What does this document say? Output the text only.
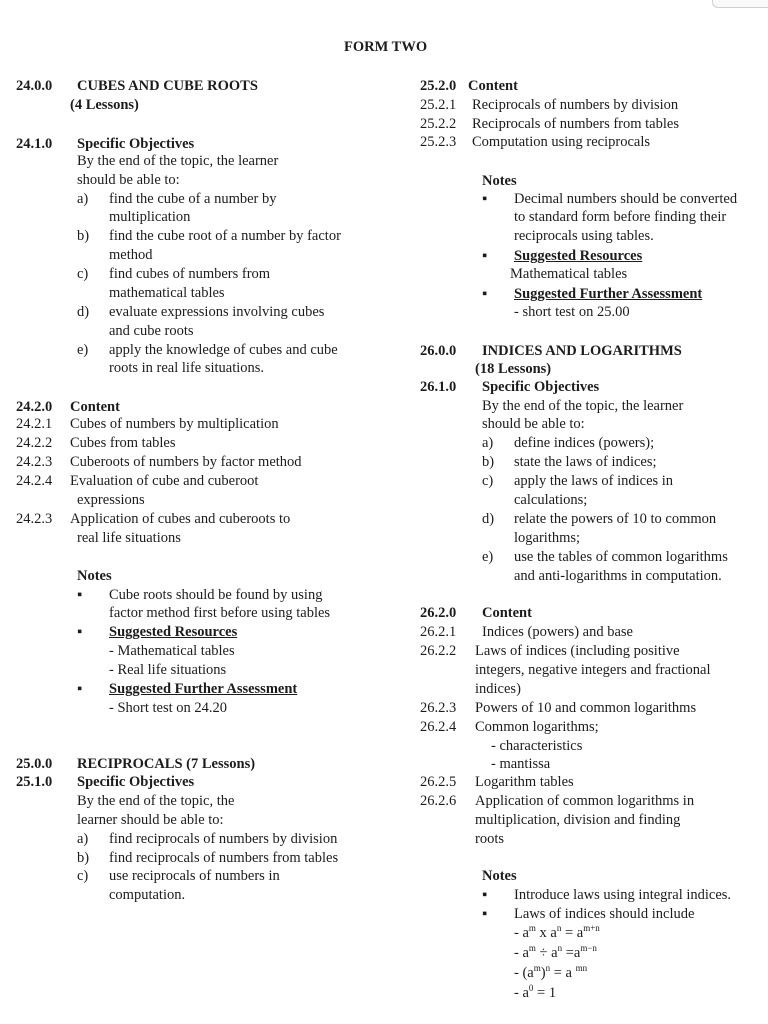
FORM TWO
24.0.0 CUBES AND CUBE ROOTS
(4 Lessons)
24.1.0 Specific Objectives
By the end of the topic, the learner
should be able to:
a) find the cube of a number by
multiplication
b) find the cube root of a number by factor
method
c) find cubes of numbers from
mathematical tables
d) evaluate expressions involving cubes
and cube roots
e) apply the knowledge of cubes and cube
roots in real life situations.
24.2.0 Content
24.2.1 Cubes of numbers by multiplication
24.2.2 Cubes from tables
24.2.3 Cuberoots of numbers by factor method
24.2.4 Evaluation of cube and cuberoot
expressions
24.2.3 Application of cubes and cuberoots to
real life situations
Notes
▪ Cube roots should be found by using
factor method first before using tables
▪ Suggested Resources
- Mathematical tables
- Real life situations
▪ Suggested Further Assessment
- Short test on 24.20
25.0.0 RECIPROCALS (7 Lessons)
25.1.0 Specific Objectives
By the end of the topic, the
learner should be able to:
a) find reciprocals of numbers by division
b) find reciprocals of numbers from tables
c) use reciprocals of numbers in
computation.
25.2.0 Content
25.2.1 Reciprocals of numbers by division
25.2.2 Reciprocals of numbers from tables
25.2.3 Computation using reciprocals
Notes
▪ Decimal numbers should be converted
to standard form before finding their
reciprocals using tables.
▪ Suggested Resources
Mathematical tables
▪ Suggested Further Assessment
- short test on 25.00
26.0.0 INDICES AND LOGARITHMS
(18 Lessons)
26.1.0 Specific Objectives
By the end of the topic, the learner
should be able to:
a) define indices (powers);
b) state the laws of indices;
c) apply the laws of indices in
calculations;
d) relate the powers of 10 to common
logarithms;
e) use the tables of common logarithms
and anti-logarithms in computation.
26.2.0 Content
26.2.1 Indices (powers) and base
26.2.2 Laws of indices (including positive
integers, negative integers and fractional
indices)
26.2.3 Powers of 10 and common logarithms
26.2.4 Common logarithms;
- characteristics
- mantissa
26.2.5 Logarithm tables
26.2.6 Application of common logarithms in
multiplication, division and finding
roots
Notes
▪ Introduce laws using integral indices.
▪ Laws of indices should include
- $a^m$ x $a^n = a^{m+n}$
- $a^m \div a^n =a^{m-n}$
- $(a^m)^n = a$ $^{mn}$
- $a^0 = 1$
